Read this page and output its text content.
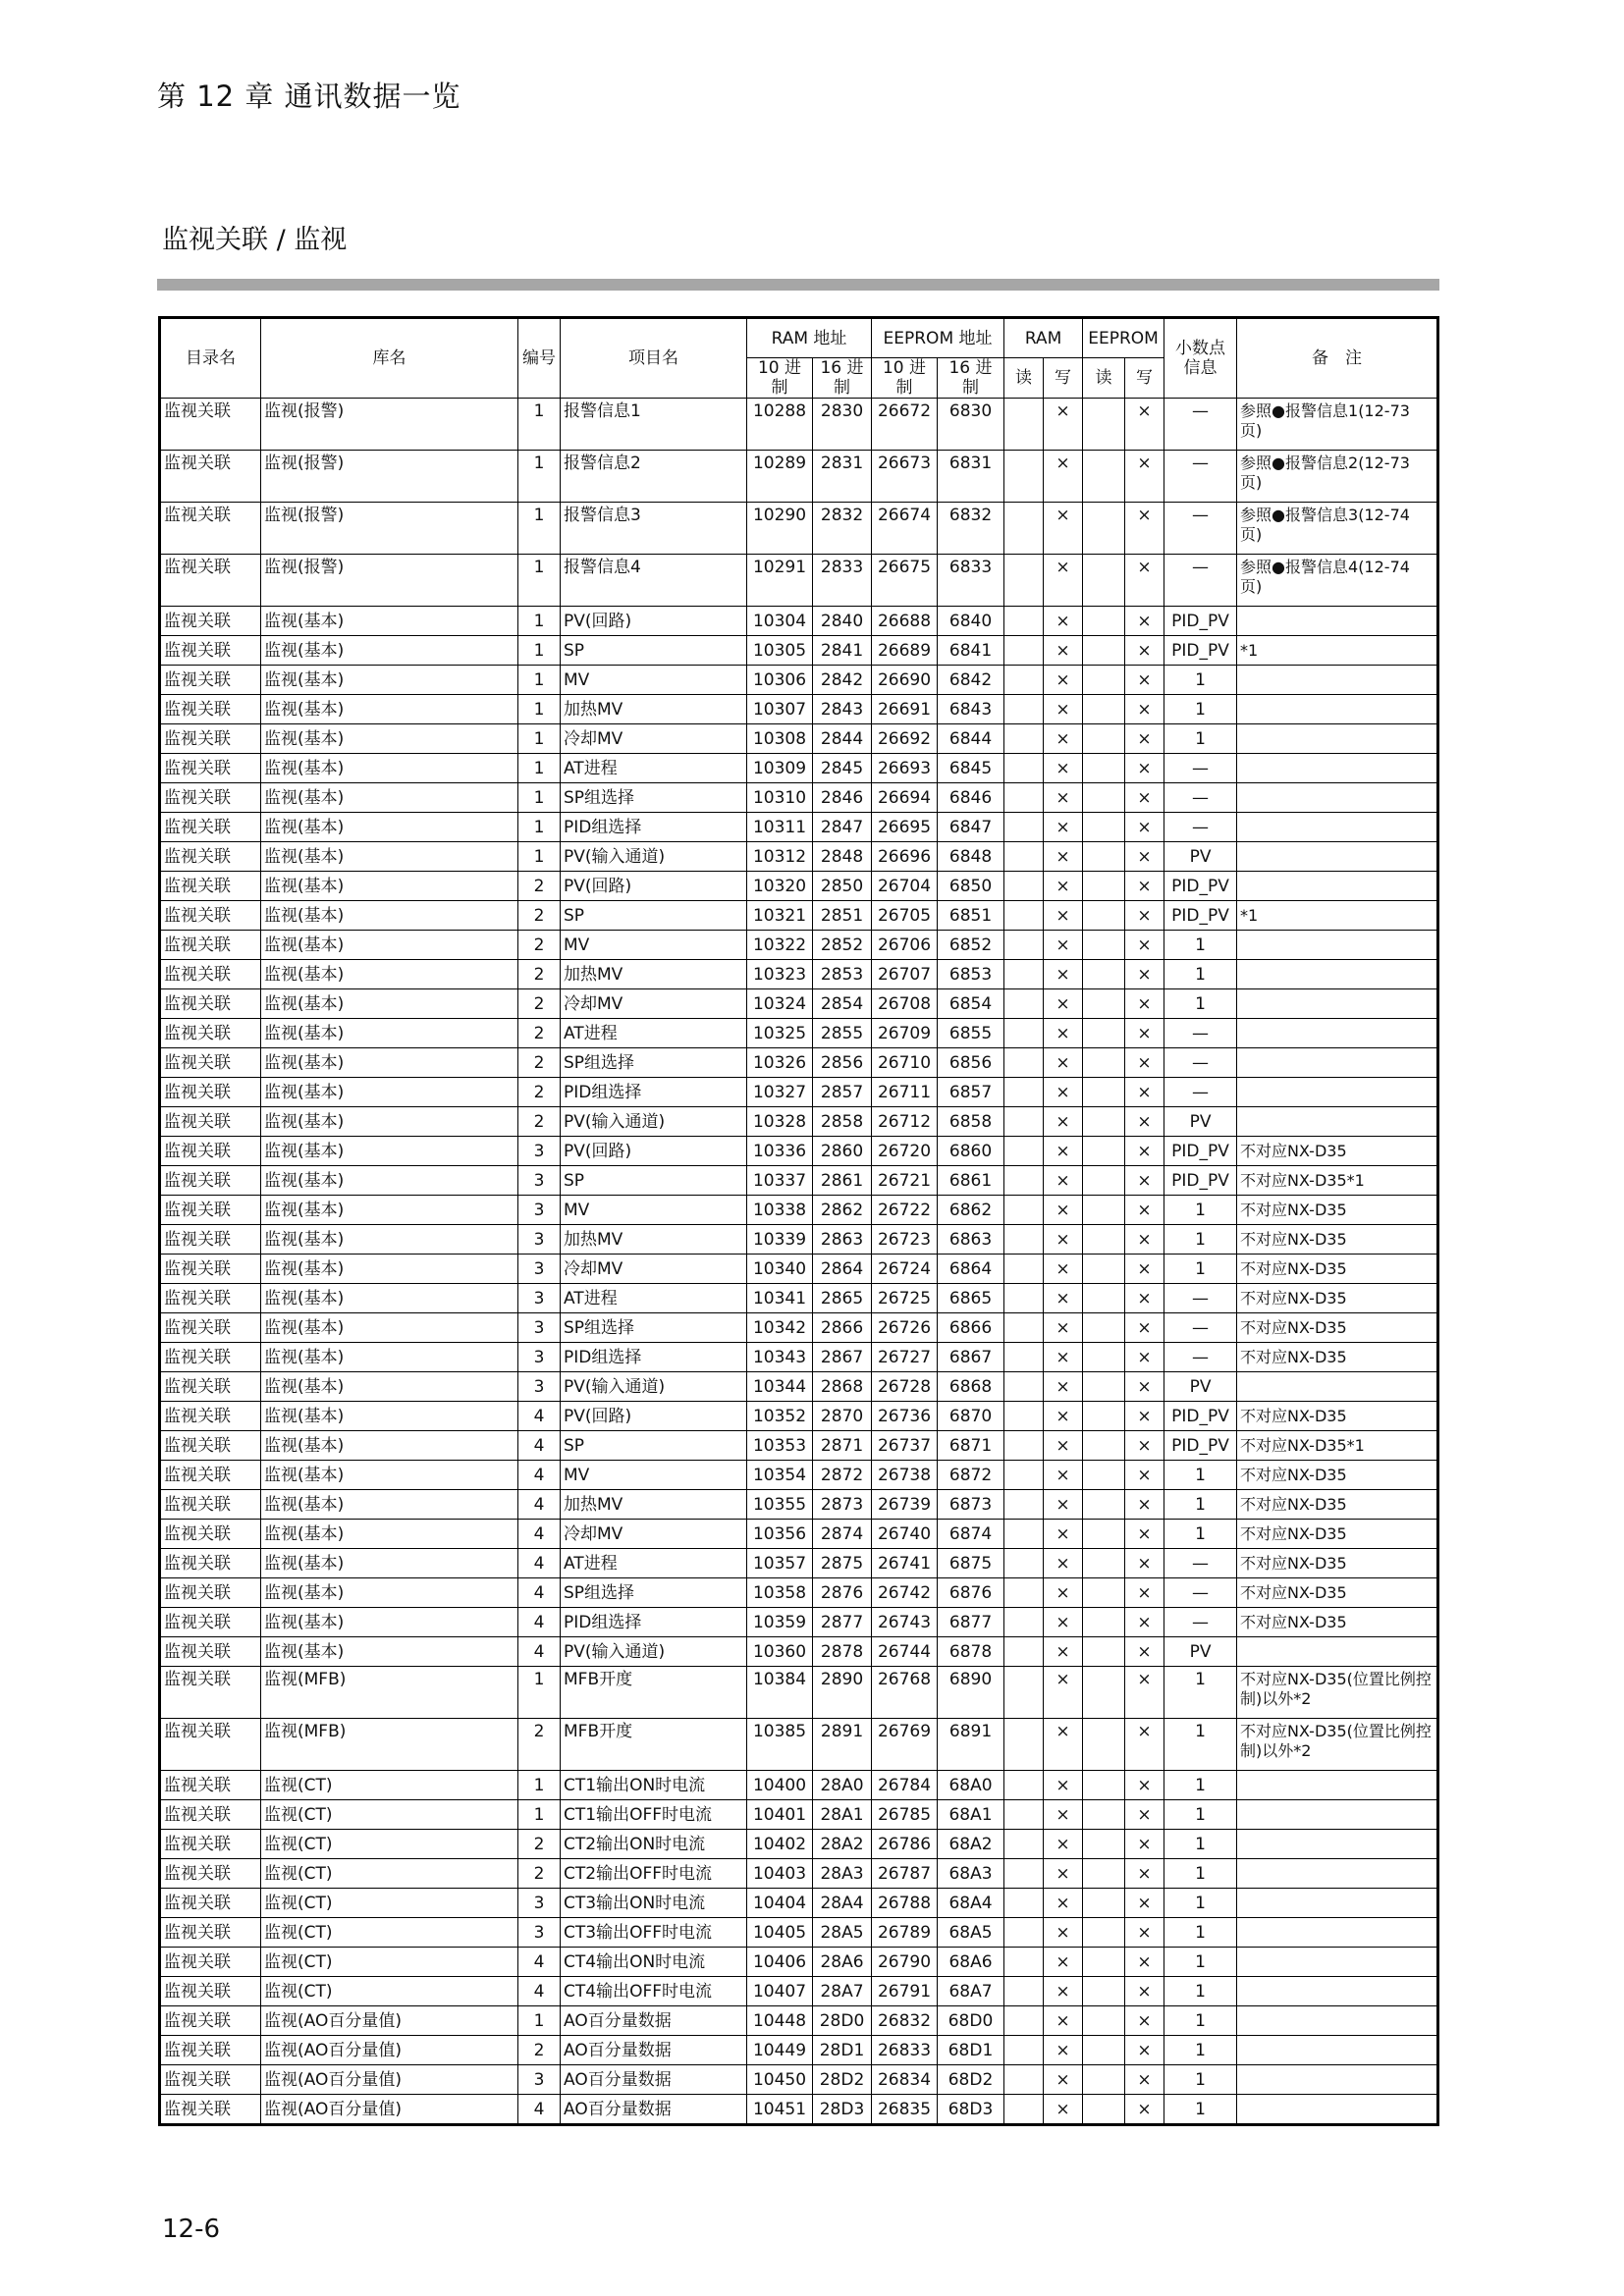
第 12 章 通讯数据一览
监视关联 / 监视
目录名	库名	编号	项目名	RAM 地址		EEPROM 地址		RAM		EEPROM		小数点信息	备　注
				10 进制	16 进制	10 进制	16 进制	读	写	读	写		
监视关联	监视(报警)	1	报警信息1	10288	2830	26672	6830		×		×	—	参照●报警信息1(12-73 页)
监视关联	监视(报警)	1	报警信息2	10289	2831	26673	6831		×		×	—	参照●报警信息2(12-73 页)
监视关联	监视(报警)	1	报警信息3	10290	2832	26674	6832		×		×	—	参照●报警信息3(12-74 页)
监视关联	监视(报警)	1	报警信息4	10291	2833	26675	6833		×		×	—	参照●报警信息4(12-74 页)
监视关联	监视(基本)	1	PV(回路)	10304	2840	26688	6840		×		×	PID_PV	
监视关联	监视(基本)	1	SP	10305	2841	26689	6841		×		×	PID_PV	*1
监视关联	监视(基本)	1	MV	10306	2842	26690	6842		×		×	1	
监视关联	监视(基本)	1	加热MV	10307	2843	26691	6843		×		×	1	
监视关联	监视(基本)	1	冷却MV	10308	2844	26692	6844		×		×	1	
监视关联	监视(基本)	1	AT进程	10309	2845	26693	6845		×		×	—	
监视关联	监视(基本)	1	SP组选择	10310	2846	26694	6846		×		×	—	
监视关联	监视(基本)	1	PID组选择	10311	2847	26695	6847		×		×	—	
监视关联	监视(基本)	1	PV(输入通道)	10312	2848	26696	6848		×		×	PV	
监视关联	监视(基本)	2	PV(回路)	10320	2850	26704	6850		×		×	PID_PV	
监视关联	监视(基本)	2	SP	10321	2851	26705	6851		×		×	PID_PV	*1
监视关联	监视(基本)	2	MV	10322	2852	26706	6852		×		×	1	
监视关联	监视(基本)	2	加热MV	10323	2853	26707	6853		×		×	1	
监视关联	监视(基本)	2	冷却MV	10324	2854	26708	6854		×		×	1	
监视关联	监视(基本)	2	AT进程	10325	2855	26709	6855		×		×	—	
监视关联	监视(基本)	2	SP组选择	10326	2856	26710	6856		×		×	—	
监视关联	监视(基本)	2	PID组选择	10327	2857	26711	6857		×		×	—	
监视关联	监视(基本)	2	PV(输入通道)	10328	2858	26712	6858		×		×	PV	
监视关联	监视(基本)	3	PV(回路)	10336	2860	26720	6860		×		×	PID_PV	不对应NX-D35
监视关联	监视(基本)	3	SP	10337	2861	26721	6861		×		×	PID_PV	不对应NX-D35*1
监视关联	监视(基本)	3	MV	10338	2862	26722	6862		×		×	1	不对应NX-D35
监视关联	监视(基本)	3	加热MV	10339	2863	26723	6863		×		×	1	不对应NX-D35
监视关联	监视(基本)	3	冷却MV	10340	2864	26724	6864		×		×	1	不对应NX-D35
监视关联	监视(基本)	3	AT进程	10341	2865	26725	6865		×		×	—	不对应NX-D35
监视关联	监视(基本)	3	SP组选择	10342	2866	26726	6866		×		×	—	不对应NX-D35
监视关联	监视(基本)	3	PID组选择	10343	2867	26727	6867		×		×	—	不对应NX-D35
监视关联	监视(基本)	3	PV(输入通道)	10344	2868	26728	6868		×		×	PV	
监视关联	监视(基本)	4	PV(回路)	10352	2870	26736	6870		×		×	PID_PV	不对应NX-D35
监视关联	监视(基本)	4	SP	10353	2871	26737	6871		×		×	PID_PV	不对应NX-D35*1
监视关联	监视(基本)	4	MV	10354	2872	26738	6872		×		×	1	不对应NX-D35
监视关联	监视(基本)	4	加热MV	10355	2873	26739	6873		×		×	1	不对应NX-D35
监视关联	监视(基本)	4	冷却MV	10356	2874	26740	6874		×		×	1	不对应NX-D35
监视关联	监视(基本)	4	AT进程	10357	2875	26741	6875		×		×	—	不对应NX-D35
监视关联	监视(基本)	4	SP组选择	10358	2876	26742	6876		×		×	—	不对应NX-D35
监视关联	监视(基本)	4	PID组选择	10359	2877	26743	6877		×		×	—	不对应NX-D35
监视关联	监视(基本)	4	PV(输入通道)	10360	2878	26744	6878		×		×	PV	
监视关联	监视(MFB)	1	MFB开度	10384	2890	26768	6890		×		×	1	不对应NX-D35(位置比例控制)以外*2
监视关联	监视(MFB)	2	MFB开度	10385	2891	26769	6891		×		×	1	不对应NX-D35(位置比例控制)以外*2
监视关联	监视(CT)	1	CT1输出ON时电流	10400	28A0	26784	68A0		×		×	1	
监视关联	监视(CT)	1	CT1输出OFF时电流	10401	28A1	26785	68A1		×		×	1	
监视关联	监视(CT)	2	CT2输出ON时电流	10402	28A2	26786	68A2		×		×	1	
监视关联	监视(CT)	2	CT2输出OFF时电流	10403	28A3	26787	68A3		×		×	1	
监视关联	监视(CT)	3	CT3输出ON时电流	10404	28A4	26788	68A4		×		×	1	
监视关联	监视(CT)	3	CT3输出OFF时电流	10405	28A5	26789	68A5		×		×	1	
监视关联	监视(CT)	4	CT4输出ON时电流	10406	28A6	26790	68A6		×		×	1	
监视关联	监视(CT)	4	CT4输出OFF时电流	10407	28A7	26791	68A7		×		×	1	
监视关联	监视(AO百分量值)	1	AO百分量数据	10448	28D0	26832	68D0		×		×	1	
监视关联	监视(AO百分量值)	2	AO百分量数据	10449	28D1	26833	68D1		×		×	1	
监视关联	监视(AO百分量值)	3	AO百分量数据	10450	28D2	26834	68D2		×		×	1	
监视关联	监视(AO百分量值)	4	AO百分量数据	10451	28D3	26835	68D3		×		×	1	
12-6
